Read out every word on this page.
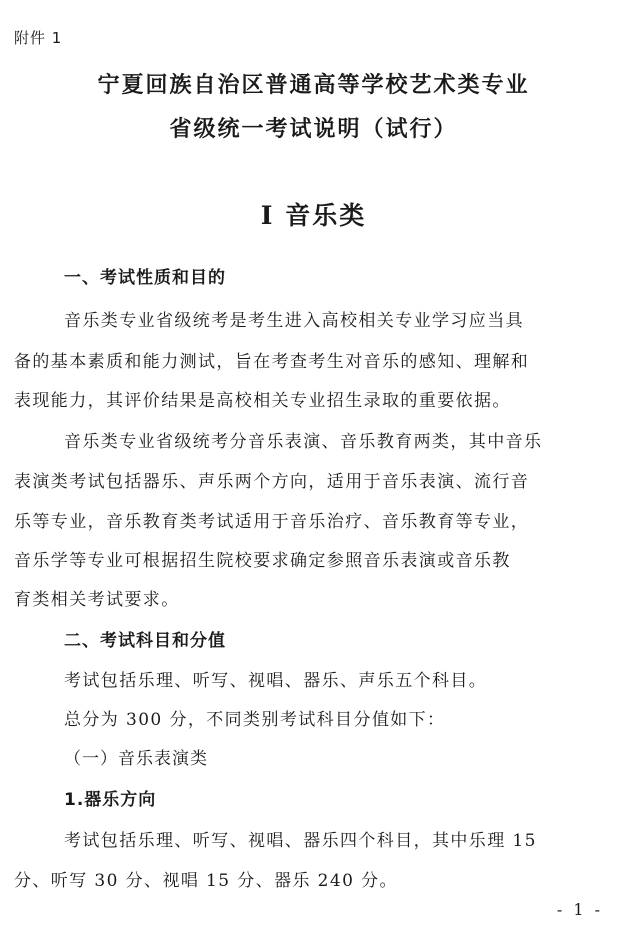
附件 1
宁夏回族自治区普通高等学校艺术类专业
省级统一考试说明（试行）
I 音乐类
一、考试性质和目的
音乐类专业省级统考是考生进入高校相关专业学习应当具
备的基本素质和能力测试，旨在考查考生对音乐的感知、理解和
表现能力，其评价结果是高校相关专业招生录取的重要依据。
音乐类专业省级统考分音乐表演、音乐教育两类，其中音乐
表演类考试包括器乐、声乐两个方向，适用于音乐表演、流行音
乐等专业，音乐教育类考试适用于音乐治疗、音乐教育等专业，
音乐学等专业可根据招生院校要求确定参照音乐表演或音乐教
育类相关考试要求。
二、考试科目和分值
考试包括乐理、听写、视唱、器乐、声乐五个科目。
总分为 300 分，不同类别考试科目分值如下：
（一）音乐表演类
1.器乐方向
考试包括乐理、听写、视唱、器乐四个科目，其中乐理 15
分、听写 30 分、视唱 15 分、器乐 240 分。
- 1 -
